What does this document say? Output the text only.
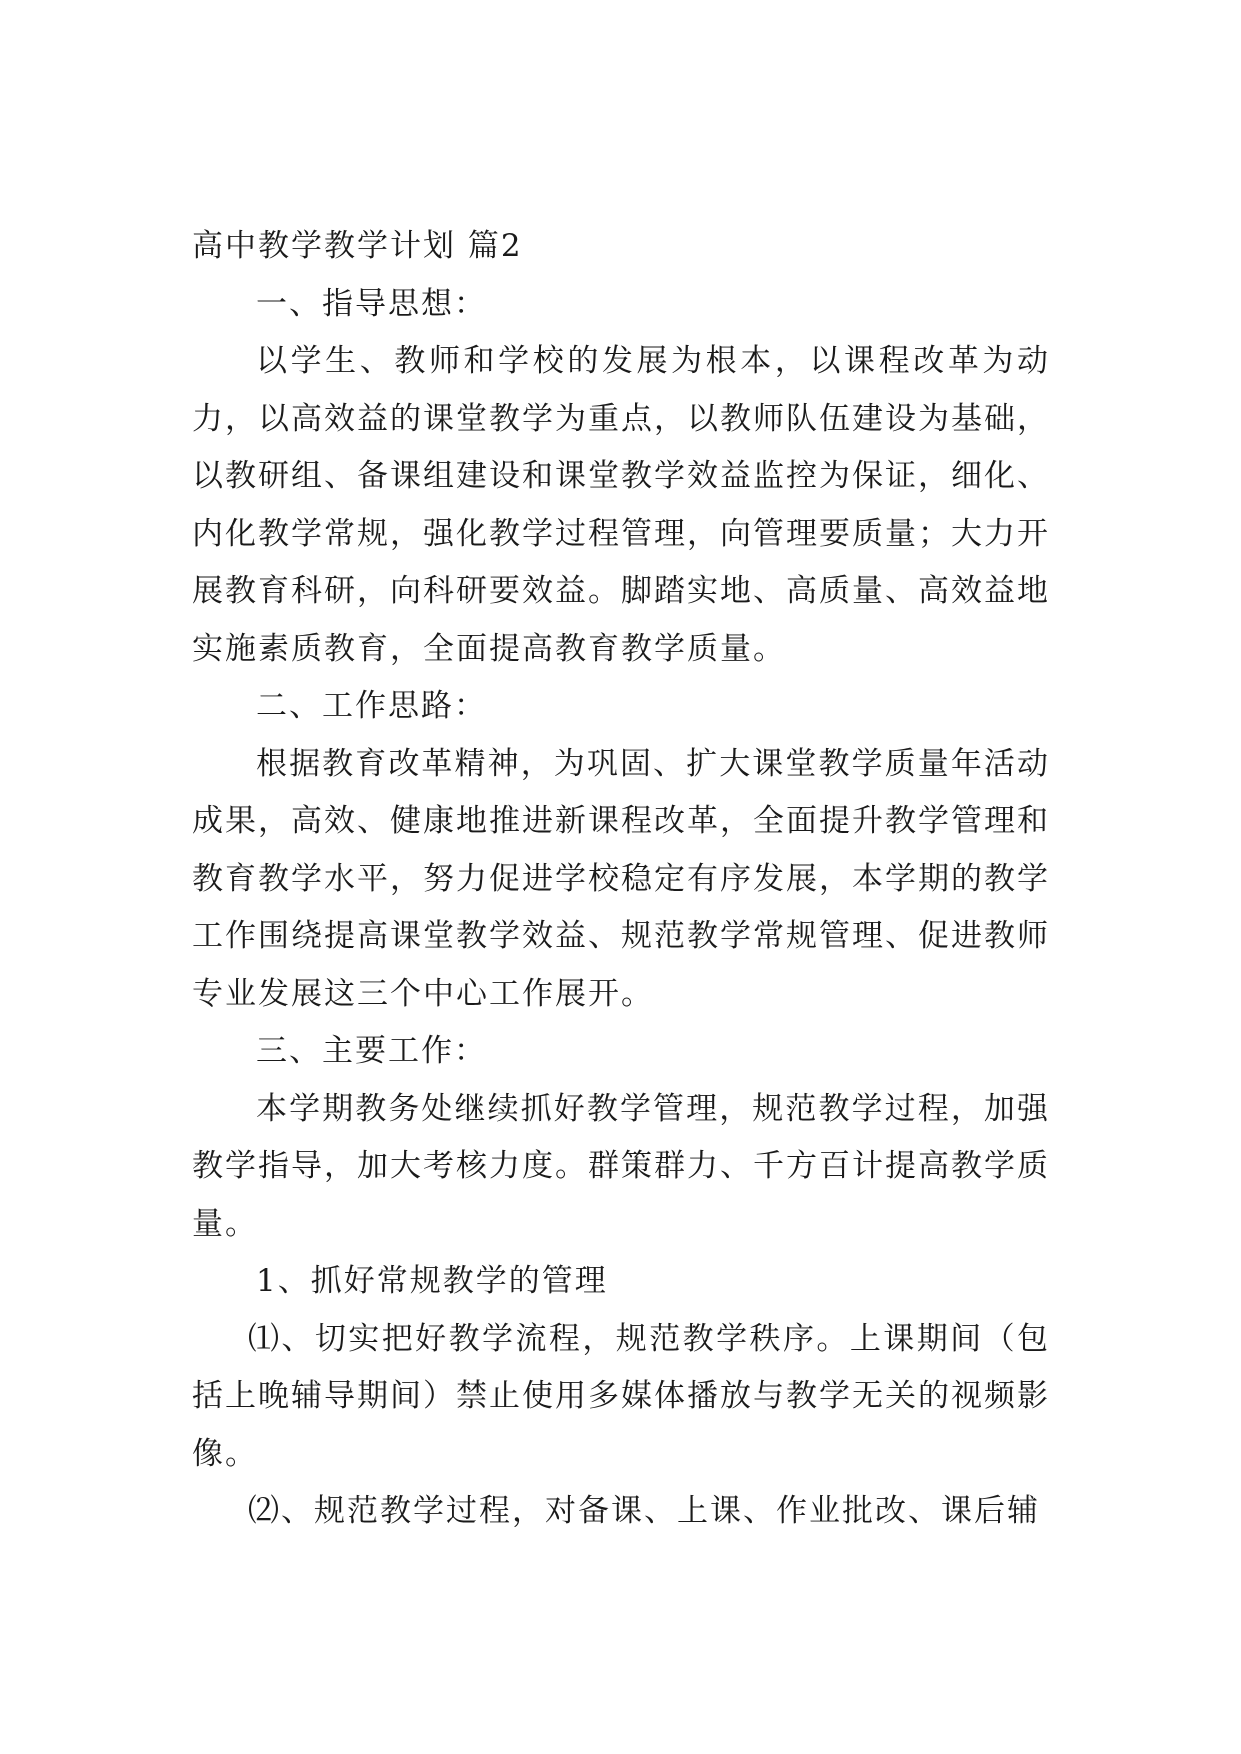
高中教学教学计划 篇2

一、指导思想：

以学生、教师和学校的发展为根本，以课程改革为动力，以高效益的课堂教学为重点，以教师队伍建设为基础，以教研组、备课组建设和课堂教学效益监控为保证，细化、内化教学常规，强化教学过程管理，向管理要质量；大力开展教育科研，向科研要效益。脚踏实地、高质量、高效益地实施素质教育，全面提高教育教学质量。

二、工作思路：

根据教育改革精神，为巩固、扩大课堂教学质量年活动成果，高效、健康地推进新课程改革，全面提升教学管理和教育教学水平，努力促进学校稳定有序发展，本学期的教学工作围绕提高课堂教学效益、规范教学常规管理、促进教师专业发展这三个中心工作展开。

三、主要工作：

本学期教务处继续抓好教学管理，规范教学过程，加强教学指导，加大考核力度。群策群力、千方百计提高教学质量。

1、抓好常规教学的管理

⑴、切实把好教学流程，规范教学秩序。上课期间（包括上晚辅导期间）禁止使用多媒体播放与教学无关的视频影像。

⑵、规范教学过程，对备课、上课、作业批改、课后辅
